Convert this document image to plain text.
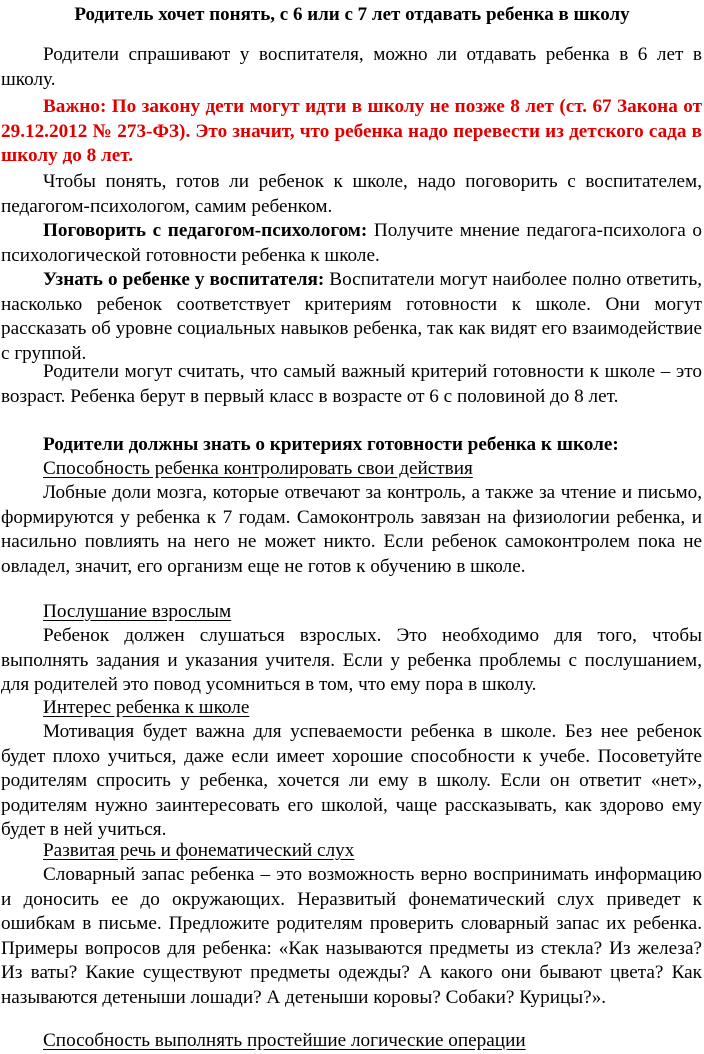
Родитель хочет понять, с 6 или с 7 лет отдавать ребенка в школу

Родители спрашивают у воспитателя, можно ли отдавать ребенка в 6 лет в школу.

Важно: По закону дети могут идти в школу не позже 8 лет (ст. 67 Закона от 29.12.2012 № 273-ФЗ). Это значит, что ребенка надо перевести из детского сада в школу до 8 лет.

Чтобы понять, готов ли ребенок к школе, надо поговорить с воспитателем, педагогом-психологом, самим ребенком.

Поговорить с педагогом-психологом: Получите мнение педагога-психолога о психологической готовности ребенка к школе.

Узнать о ребенке у воспитателя: Воспитатели могут наиболее полно ответить, насколько ребенок соответствует критериям готовности к школе. Они могут рассказать об уровне социальных навыков ребенка, так как видят его взаимодействие с группой.

Родители могут считать, что самый важный критерий готовности к школе – это возраст. Ребенка берут в первый класс в возрасте от 6 с половиной до 8 лет.

Родители должны знать о критериях готовности ребенка к школе:

Способность ребенка контролировать свои действия

Лобные доли мозга, которые отвечают за контроль, а также за чтение и письмо, формируются у ребенка к 7 годам. Самоконтроль завязан на физиологии ребенка, и насильно повлиять на него не может никто. Если ребенок самоконтролем пока не овладел, значит, его организм еще не готов к обучению в школе.

Послушание взрослым

Ребенок должен слушаться взрослых. Это необходимо для того, чтобы выполнять задания и указания учителя. Если у ребенка проблемы с послушанием, для родителей это повод усомниться в том, что ему пора в школу.

Интерес ребенка к школе

Мотивация будет важна для успеваемости ребенка в школе. Без нее ребенок будет плохо учиться, даже если имеет хорошие способности к учебе. Посоветуйте родителям спросить у ребенка, хочется ли ему в школу. Если он ответит «нет», родителям нужно заинтересовать его школой, чаще рассказывать, как здорово ему будет в ней учиться.

Развитая речь и фонематический слух

Словарный запас ребенка – это возможность верно воспринимать информацию и доносить ее до окружающих. Неразвитый фонематический слух приведет к ошибкам в письме. Предложите родителям проверить словарный запас их ребенка. Примеры вопросов для ребенка: «Как называются предметы из стекла? Из железа? Из ваты? Какие существуют предметы одежды? А какого они бывают цвета? Как называются детеныши лошади? А детеныши коровы? Собаки? Курицы?».

Способность выполнять простейшие логические операции
